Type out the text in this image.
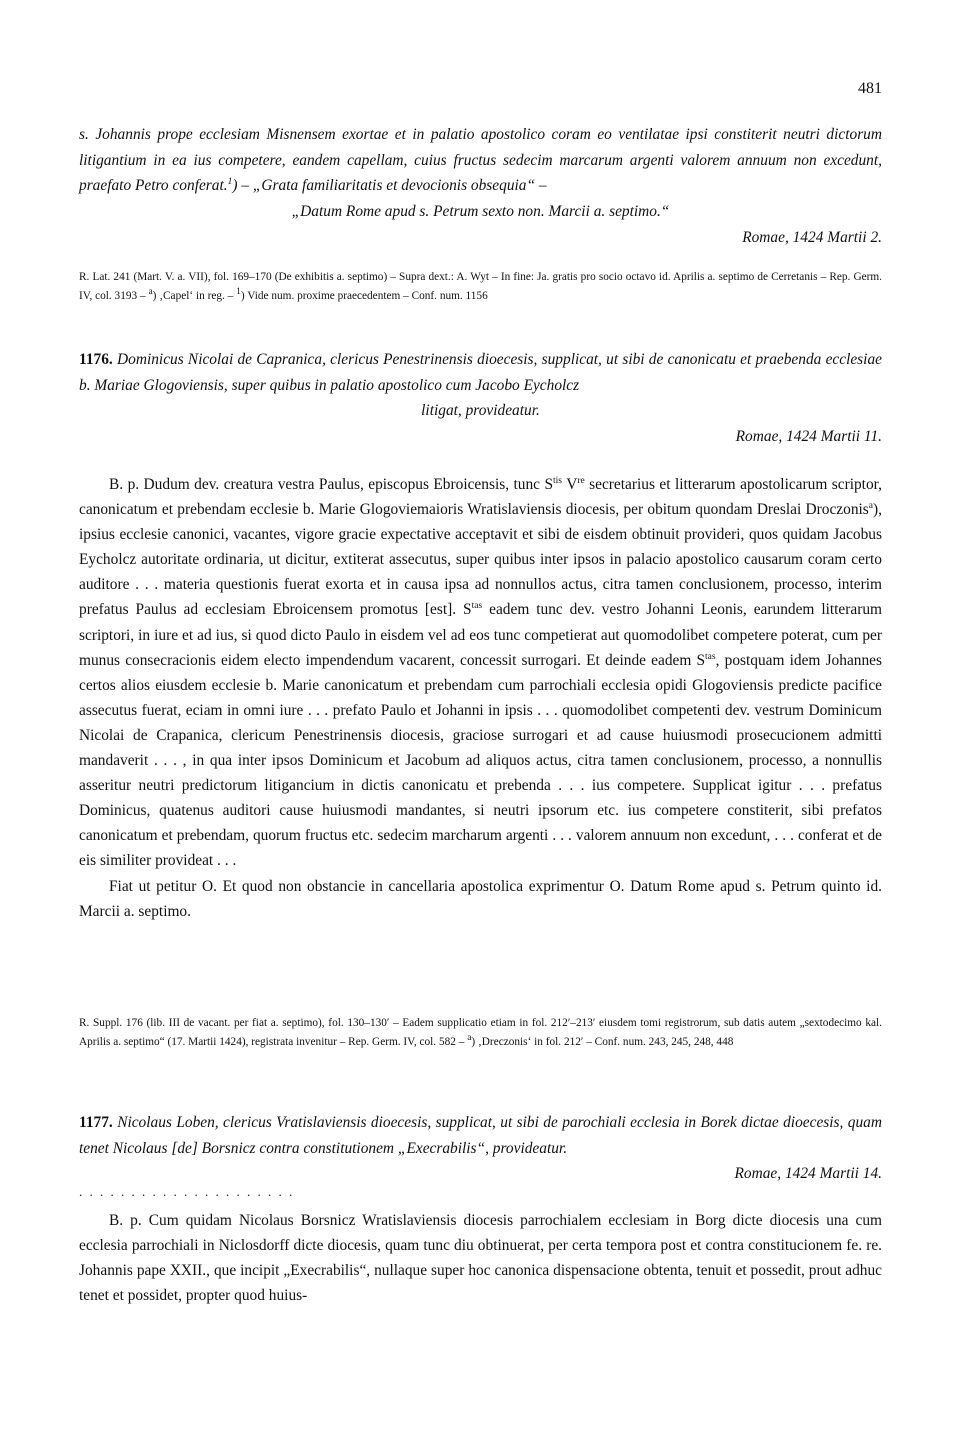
481
s. Johannis prope ecclesiam Misnensem exortae et in palatio apostolico coram eo ventilatae ipsi constiterit neutri dictorum litigantium in ea ius competere, eandem capellam, cuius fructus sedecim marcarum argenti valorem annuum non excedunt, praefato Petro conferat.$^1$) – „Grata familiaritatis et devocionis obsequia“ –
„Datum Rome apud s. Petrum sexto non. Marcii a. septimo.“
Romae, 1424 Martii 2.
R. Lat. 241 (Mart. V. a. VII), fol. 169–170 (De exhibitis a. septimo) – Supra dext.: A. Wyt – In fine: Ja. gratis pro socio octavo id. Aprilis a. septimo de Cerretanis – Rep. Germ. IV, col. 3193 – $^a$) ‚Capel‘ in reg. – $^1$) Vide num. proxime praecedentem – Conf. num. 1156
1176. Dominicus Nicolai de Capranica, clericus Penestrinensis dioecesis, supplicat, ut sibi de canonicatu et praebenda ecclesiae b. Mariae Glogoviensis, super quibus in palatio apostolico cum Jacobo Eycholcz
litigat, provideatur.
Romae, 1424 Martii 11.

B. p. Dudum dev. creatura vestra Paulus, episcopus Ebroicensis, tunc $S^{tis}$ Vre secretarius et litterarum apostolicarum scriptor, canonicatum et prebendam ecclesie b. Marie Glogoviemaioris Wratislaviensis diocesis, per obitum quondam Dreslai Droczonis$^a$), ipsius ecclesie canonici, vacantes, vigore gracie expectative acceptavit et sibi de eisdem obtinuit provideri, quos quidam Jacobus Eycholcz autoritate ordinaria, ut dicitur, extiterat assecutus, super quibus inter ipsos in palacio apostolico causarum coram certo auditore . . . materia questionis fuerat exorta et in causa ipsa ad nonnullos actus, citra tamen conclusionem, processo, interim prefatus Paulus ad ecclesiam Ebroicensem promotus [est]. $S^{tas}$ eadem tunc dev. vestro Johanni Leonis, earundem litterarum scriptori, in iure et ad ius, si quod dicto Paulo in eisdem vel ad eos tunc competierat aut quomodolibet competere poterat, cum per munus consecracionis eidem electo impendendum vacarent, concessit surrogari. Et deinde eadem $S^{tas}$, postquam idem Johannes certos alios eiusdem ecclesie b. Marie canonicatum et prebendam cum parrochiali ecclesia opidi Glogoviensis predicte pacifice assecutus fuerat, eciam in omni iure . . . prefato Paulo et Johanni in ipsis . . . quomodolibet competenti dev. vestrum Dominicum Nicolai de Crapanica, clericum Penestrinensis diocesis, graciose surrogari et ad cause huiusmodi prosecucionem admitti mandaverit . . . , in qua inter ipsos Dominicum et Jacobum ad aliquos actus, citra tamen conclusionem, processo, a nonnullis asseritur neutri predictorum litigancium in dictis canonicatu et prebenda . . . ius competere. Supplicat igitur . . . prefatus Dominicus, quatenus auditori cause huiusmodi mandantes, si neutri ipsorum etc. ius competere constiterit, sibi prefatos canonicatum et prebendam, quorum fructus etc. sedecim marcharum argenti . . . valorem annuum non excedunt, . . . conferat et de eis similiter provideat . . .

Fiat ut petitur O. Et quod non obstancie in cancellaria apostolica exprimentur O. Datum Rome apud s. Petrum quinto id. Marcii a. septimo.

R. Suppl. 176 (lib. III de vacant. per fiat a. septimo), fol. 130–130′ – Eadem supplicatio etiam in fol. 212′–213′ eiusdem tomi registrorum, sub datis autem „sextodecimo kal. Aprilis a. septimo“ (17. Martii 1424), registrata invenitur – Rep. Germ. IV, col. 582 – $^a$) ‚Dreczonis‘ in fol. 212′ – Conf. num. 243, 245, 248, 448
1177. Nicolaus Loben, clericus Vratislaviensis dioecesis, supplicat, ut sibi de parochiali ecclesia in Borek dictae dioecesis, quam tenet Nicolaus [de] Borsnicz contra constitutionem „Execrabilis“, provideatur.
Romae, 1424 Martii 14.
. . . . . . . . . . . . . . . . . . . . .

B. p. Cum quidam Nicolaus Borsnicz Wratislaviensis diocesis parrochialem ecclesiam in Borg dicte diocesis una cum ecclesia parrochiali in Niclosdorff dicte diocesis, quam tunc diu obtinuerat, per certa tempora post et contra constitucionem fe. re. Johannis pape XXII., que incipit „Execrabilis“, nullaque super hoc canonica dispensacione obtenta, tenuit et possedit, prout adhuc tenet et possidet, propter quod huius-
